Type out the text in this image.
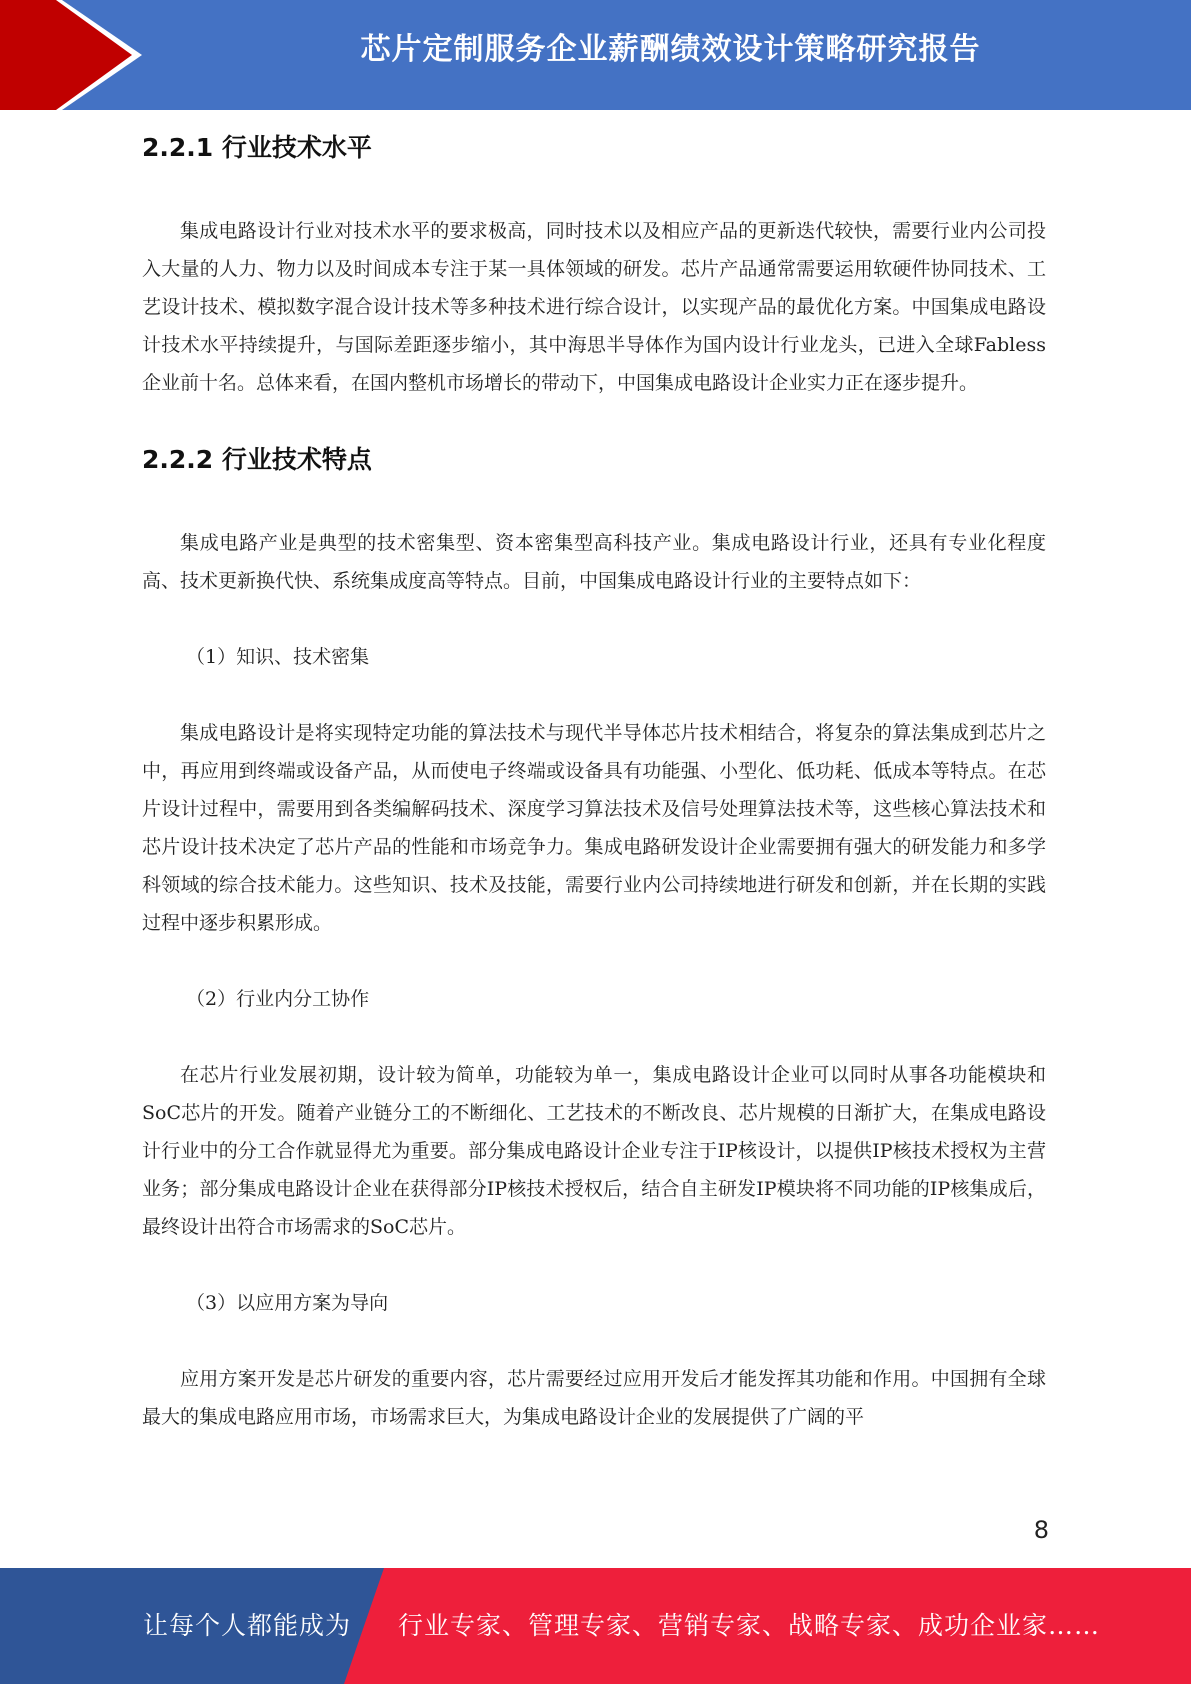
芯片定制服务企业薪酬绩效设计策略研究报告
2.2.1 行业技术水平

集成电路设计行业对技术水平的要求极高，同时技术以及相应产品的更新迭代较快，需要行业内公司投入大量的人力、物力以及时间成本专注于某一具体领域的研发。芯片产品通常需要运用软硬件协同技术、工艺设计技术、模拟数字混合设计技术等多种技术进行综合设计，以实现产品的最优化方案。中国集成电路设计技术水平持续提升，与国际差距逐步缩小，其中海思半导体作为国内设计行业龙头，已进入全球Fabless企业前十名。总体来看，在国内整机市场增长的带动下，中国集成电路设计企业实力正在逐步提升。

2.2.2 行业技术特点

集成电路产业是典型的技术密集型、资本密集型高科技产业。集成电路设计行业，还具有专业化程度高、技术更新换代快、系统集成度高等特点。目前，中国集成电路设计行业的主要特点如下：

（1）知识、技术密集

集成电路设计是将实现特定功能的算法技术与现代半导体芯片技术相结合，将复杂的算法集成到芯片之中，再应用到终端或设备产品，从而使电子终端或设备具有功能强、小型化、低功耗、低成本等特点。在芯片设计过程中，需要用到各类编解码技术、深度学习算法技术及信号处理算法技术等，这些核心算法技术和芯片设计技术决定了芯片产品的性能和市场竞争力。集成电路研发设计企业需要拥有强大的研发能力和多学科领域的综合技术能力。这些知识、技术及技能，需要行业内公司持续地进行研发和创新，并在长期的实践过程中逐步积累形成。

（2）行业内分工协作

在芯片行业发展初期，设计较为简单，功能较为单一，集成电路设计企业可以同时从事各功能模块和SoC芯片的开发。随着产业链分工的不断细化、工艺技术的不断改良、芯片规模的日渐扩大，在集成电路设计行业中的分工合作就显得尤为重要。部分集成电路设计企业专注于IP核设计，以提供IP核技术授权为主营业务；部分集成电路设计企业在获得部分IP核技术授权后，结合自主研发IP模块将不同功能的IP核集成后，最终设计出符合市场需求的SoC芯片。

（3）以应用方案为导向

应用方案开发是芯片研发的重要内容，芯片需要经过应用开发后才能发挥其功能和作用。中国拥有全球最大的集成电路应用市场，市场需求巨大，为集成电路设计企业的发展提供了广阔的平

8
让每个人都能成为 行业专家、管理专家、营销专家、战略专家、成功企业家……
